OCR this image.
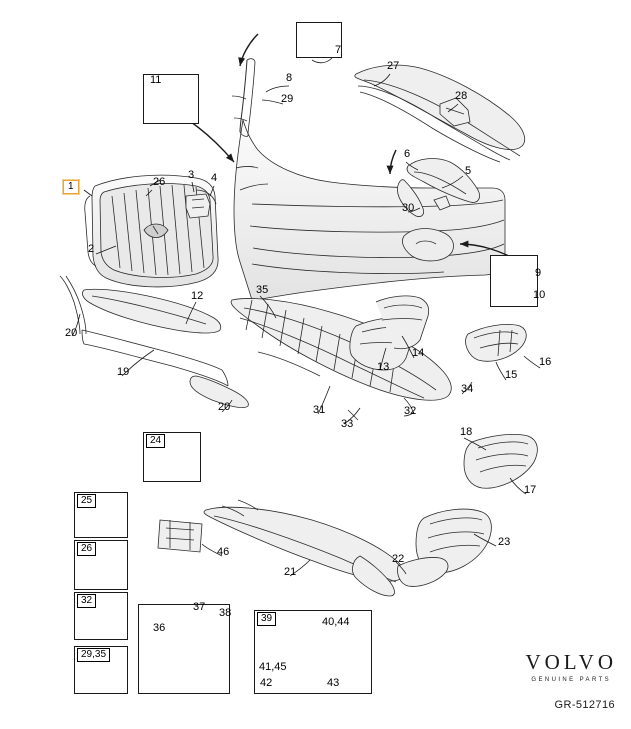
1
2
3 4
5
6
7
8
9
10
11
12
13
14
15
16
17
18
19
20
20
21
22
23
24
25
26
26
27
28
29
29,35
30
31	32
32
33
34
35
36
37 38	39	40,44
41,45
42	43
46
VOLVO
GENUINE PARTS
GR-512716
